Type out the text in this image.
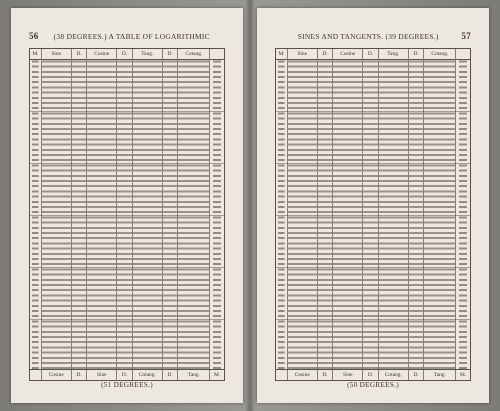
56	(38 DEGREES.) A TABLE OF LOGARITHMIC
M.	Sine	D.	Cosine	D.	Tang.	D.	Cotang.
Cosine	D.	Sine	D.	Cotang.	D.	Tang.	M.
(51 DEGREES.)
SINES AND TANGENTS. (39 DEGREES.)	57
M.	Sine	D.	Cosine	D.	Tang.	D.	Cotang.
Cosine	D.	Sine	D.	Cotang.	D.	Tang.	M.
(50 DEGREES.)
